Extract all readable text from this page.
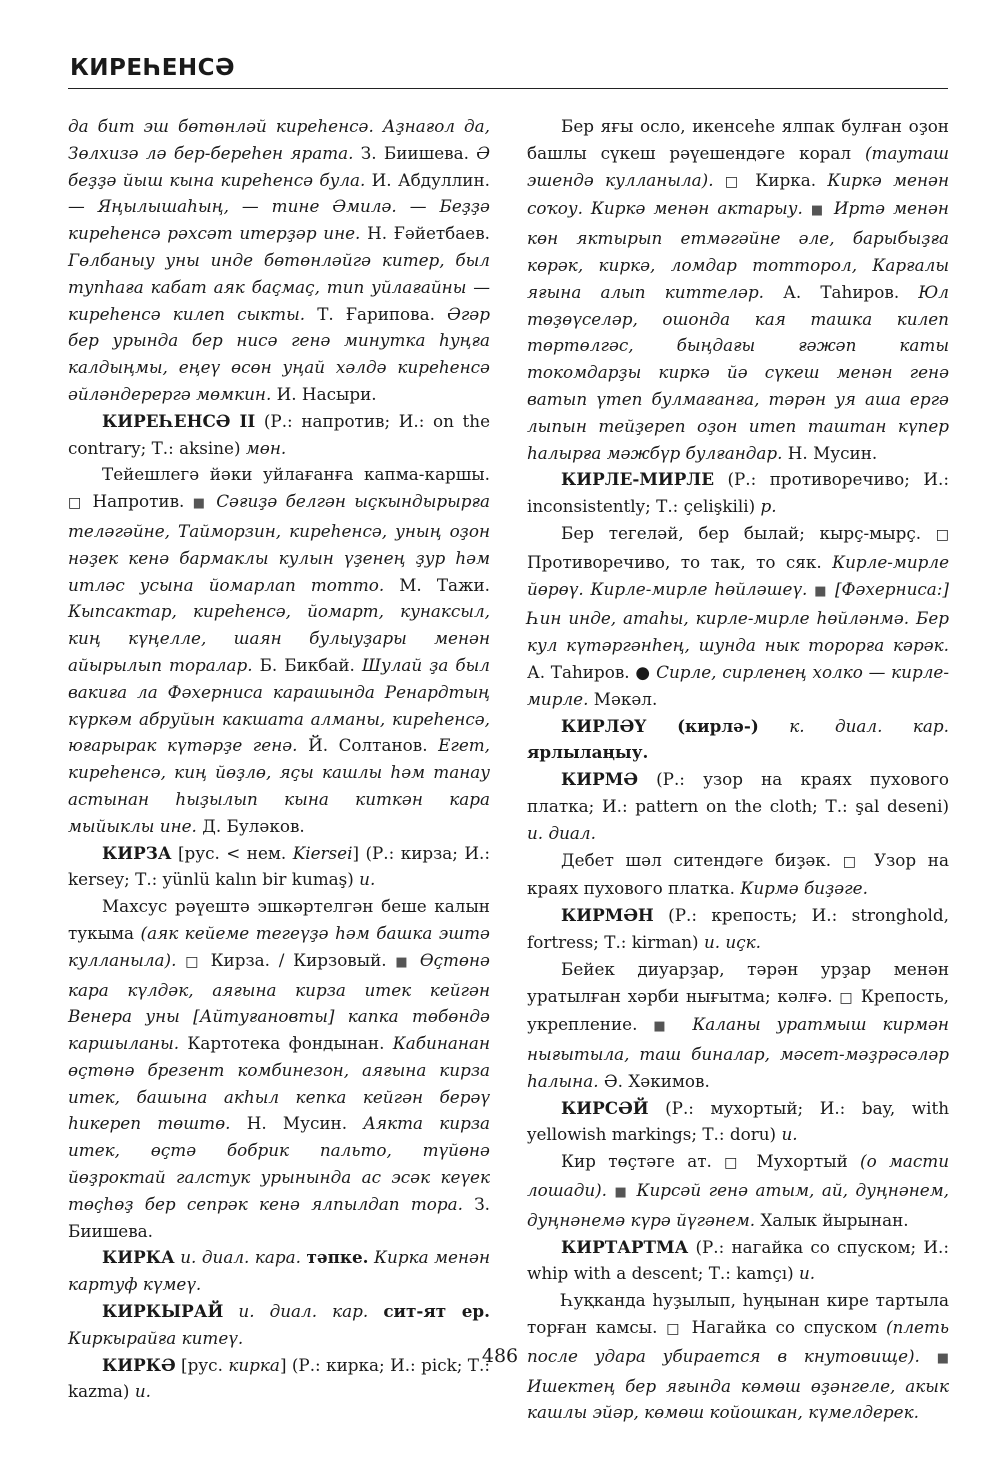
КИРЕҺЕНСӘ

да бит эш бөтөнләй киреһенсә. Аҙнағол да, Зөлхизә лә бер-береһен ярата. З. Биишева. Ә беҙҙә йыш кына киреһенсә була. И. Абдуллин. — Яңылышаһың, — тине Әмилә. — Беҙҙә киреһенсә рәхсәт итерҙәр ине. Н. Ғәйетбаев. Гөлбаныу уны инде бөтөнләйгә китер, был тупһаға кабат аяк баҫмаҫ, тип уйлағайны — киреһенсә килеп сыкты. Т. Ғарипова. Әгәр бер урында бер нисә генә минутка һуңға калдыңмы, еңеү өсөн уңай хәлдә киреһенсә әйләндерергә мөмкин. И. Насыри.

КИРЕҺЕНСӘ II (Р.: напротив; И.: on the contrary; Т.: aksine) мөн.

Тейешлегә йәки уйлағанға капма-каршы. □ Напротив. ■ Сәғиҙә белгән ыҫкындырырға теләгәйне, Тайморзин, киреһенсә, уның оҙон нәҙек кенә бармаклы кулын үҙенең ҙур һәм итләс усына йомарлап тотто. М. Тажи. Кыпсактар, киреһенсә, йомарт, кунаксыл, киң күңелле, шаян булыуҙары менән айырылып торалар. Б. Бикбай. Шулай ҙа был вакиға ла Фәхерниса карашында Ренардтың күркәм абруйын какшата алманы, киреһенсә, юғарырак күтәрҙе генә. Й. Солтанов. Егет, киреһенсә, киң йөҙлө, яҫы кашлы һәм танау астынан һыҙылып кына киткән кара мыйыклы ине. Д. Буләков.

КИРЗА [рус. < нем. Kiersei] (Р.: кирза; И.: kersey; Т.: yünlü kalın bir kumaş) и.

Махсус рәүештә эшкәртелгән беше калын тукыма (аяк кейеме тегеүҙә һәм башка эштә кулланыла). □ Кирза. / Кирзовый. ■ Өҫтөнә кара күлдәк, аяғына кирза итек кейгән Венера уны [Айтуғановты] капка төбөндә каршыланы. Картотека фондынан. Кабинанан өҫтөнә брезент комбинезон, аяғына кирза итек, башына акһыл кепка кейгән берәү һикереп төштө. Н. Мусин. Аякта кирза итек, өҫтә бобрик пальто, түйөнә йөҙроктай галстук урынында ас эсәк кеүек төҫһөҙ бер сепрәк кенә ялпылдап тора. З. Биишева.

КИРКА и. диал. кара. тәпке. Кирка менән картуф күмеү.

КИРКЫРАЙ и. диал. кар. сит-ят ер. Киркырайға китеү.

КИРКӘ [рус. кирка] (Р.: кирка; И.: pick; Т.: kazma) и.

Бер яғы осло, икенсеһе ялпак булған оҙон башлы сүкеш рәүешендәге корал (тауташ эшендә кулланыла). □ Кирка. Киркә менән соҡоу. Киркә менән актарыу. ■ Иртә менән көн яктырып етмәгәйне әле, барыбыҙға көрәк, киркә, ломдар тотторол, Карғалы яғына алып киттеләр. А. Таһиров. Юл төҙөүселәр, ошонда кая ташка килеп төртөлгәс, быңдағы ғәжәп каты токомдарҙы киркә йә сүкеш менән генә ватып үтеп булмағанға, тәрән уя аша ергә лыпын тейҙереп оҙон итеп таштан күпер һалырға мәжбүр булғандар. Н. Мусин.

КИРЛЕ-МИРЛЕ (Р.: противоречиво; И.: inconsistently; Т.: çelişkili) р.

Бер тегеләй, бер былай; кырҫ-мырҫ. □ Противоречиво, то так, то сяк. Кирле-мирле йөрөү. Кирле-мирле һөйләшеү. ■ [Фәхерниса:] Һин инде, атаһы, кирле-мирле һөйләнмә. Бер кул күтәргәнһең, шунда нык торорға кәрәк. А. Таһиров. ● Сирле, сирленең холко — кирле-мирле. Мәкәл.

КИРЛӘҮ (кирлә-) к. диал. кар. ярлылаңыу.

КИРМӘ (Р.: узор на краях пухового платка; И.: pattern on the cloth; Т.: şal deseni) и. диал.

Дебет шәл ситендәге биҙәк. □ Узор на краях пухового платка. Кирмә биҙәге.

КИРМӘН (Р.: крепость; И.: stronghold, fortress; Т.: kirman) и. иҫк.

Бейек диуарҙар, тәрән урҙар менән уратылған хәрби нығытма; кәлғә. □ Крепость, укрепление. ■ Каланы уратмыш кирмән нығытыла, таш биналар, мәсет-мәҙрәсәләр һалына. Ә. Хәкимов.

КИРСӘЙ (Р.: мухортый; И.: bay, with yellowish markings; Т.: doru) и.

Кир төҫтәге ат. □ Мухортый (о масти лошади). ■ Кирсәй генә атым, ай, дуңнәнем, дуңнәнемә күрә йүгәнем. Халык йырынан.

КИРТАРТМА (Р.: нагайка со спуском; И.: whip with a descent; Т.: kamçı) и.

Һуқканда һуҙылып, һуңынан кире тартыла торған камсы. □ Нагайка со спуском (плеть после удара убирается в кнутовище). ■ Ишектең бер яғында көмөш өҙәнгеле, акык кашлы эйәр, көмөш койошкан, күмелдерек.

486
